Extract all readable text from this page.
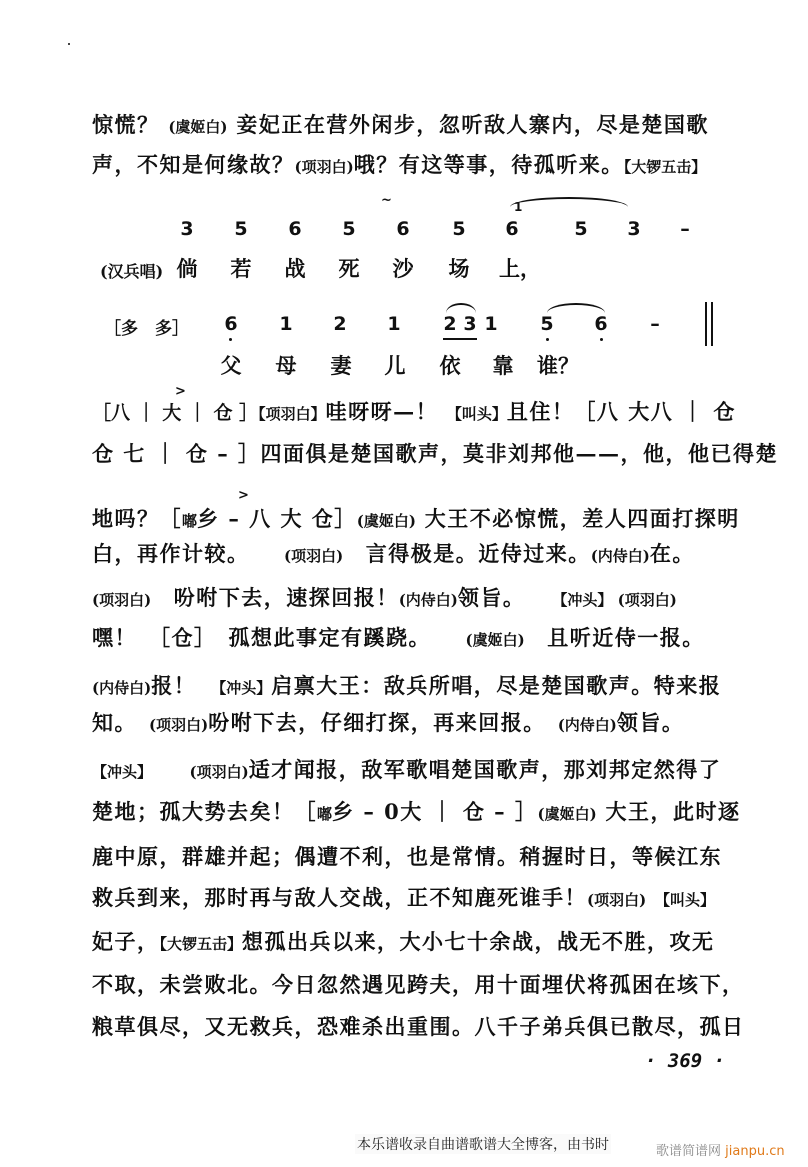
惊慌？ (虞姬白) 妾妃正在营外闲步，忽听敌人寨内，尽是楚国歌
声，不知是何缘故？(项羽白)哦？有这等事，待孤听来。【大锣五击】
~
3 5 6 5 6 5 6
1
5 3 –
(汉兵唱) 倘 若 战 死 沙 场 上，
［多　多］ 6 1 2 1 2 3 1 5 6 –
父 母 妻 儿 依 靠 谁？
>
［八 ｜ 大 ｜ 仓 ］【项羽白】哇呀呀—！ 【叫头】且住！［八 大八 ｜ 仓
仓 七 ｜ 仓 – ］四面俱是楚国歌声，莫非刘邦他——，他，他已得楚
>
地吗？［嘟乡 – 八 大 仓］(虞姬白) 大王不必惊慌，差人四面打探明
白，再作计较。　　(项羽白)　言得极是。近侍过来。(内侍白)在。
(项羽白)　吩咐下去，速探回报！(内侍白)领旨。　　【冲头】 (项羽白)
嘿！　［仓］　孤想此事定有蹊跷。　　(虞姬白)　且听近侍一报。
(内侍白)报！　【冲头】启禀大王：敌兵所唱，尽是楚国歌声。特来报
知。　(项羽白)吩咐下去，仔细打探，再来回报。　(内侍白)领旨。
【冲头】　　	(项羽白)适才闻报，敌军歌唱楚国歌声，那刘邦定然得了
楚地；孤大势去矣！［嘟乡 – 0大 ｜ 仓 – ］(虞姬白) 大王，此时逐
鹿中原，群雄并起；偶遭不利，也是常情。稍握时日，等候江东
救兵到来，那时再与敌人交战，正不知鹿死谁手！(项羽白) 【叫头】
妃子，【大锣五击】想孤出兵以来，大小七十余战，战无不胜，攻无
不取，未尝败北。今日忽然遇见跨夫，用十面埋伏将孤困在垓下，
粮草俱尽，又无救兵，恐难杀出重围。八千子弟兵俱已散尽，孤日
· 369 ·
本乐谱收录自曲谱歌谱大全博客，由书时	歌谱简谱网 jianpu.cn
